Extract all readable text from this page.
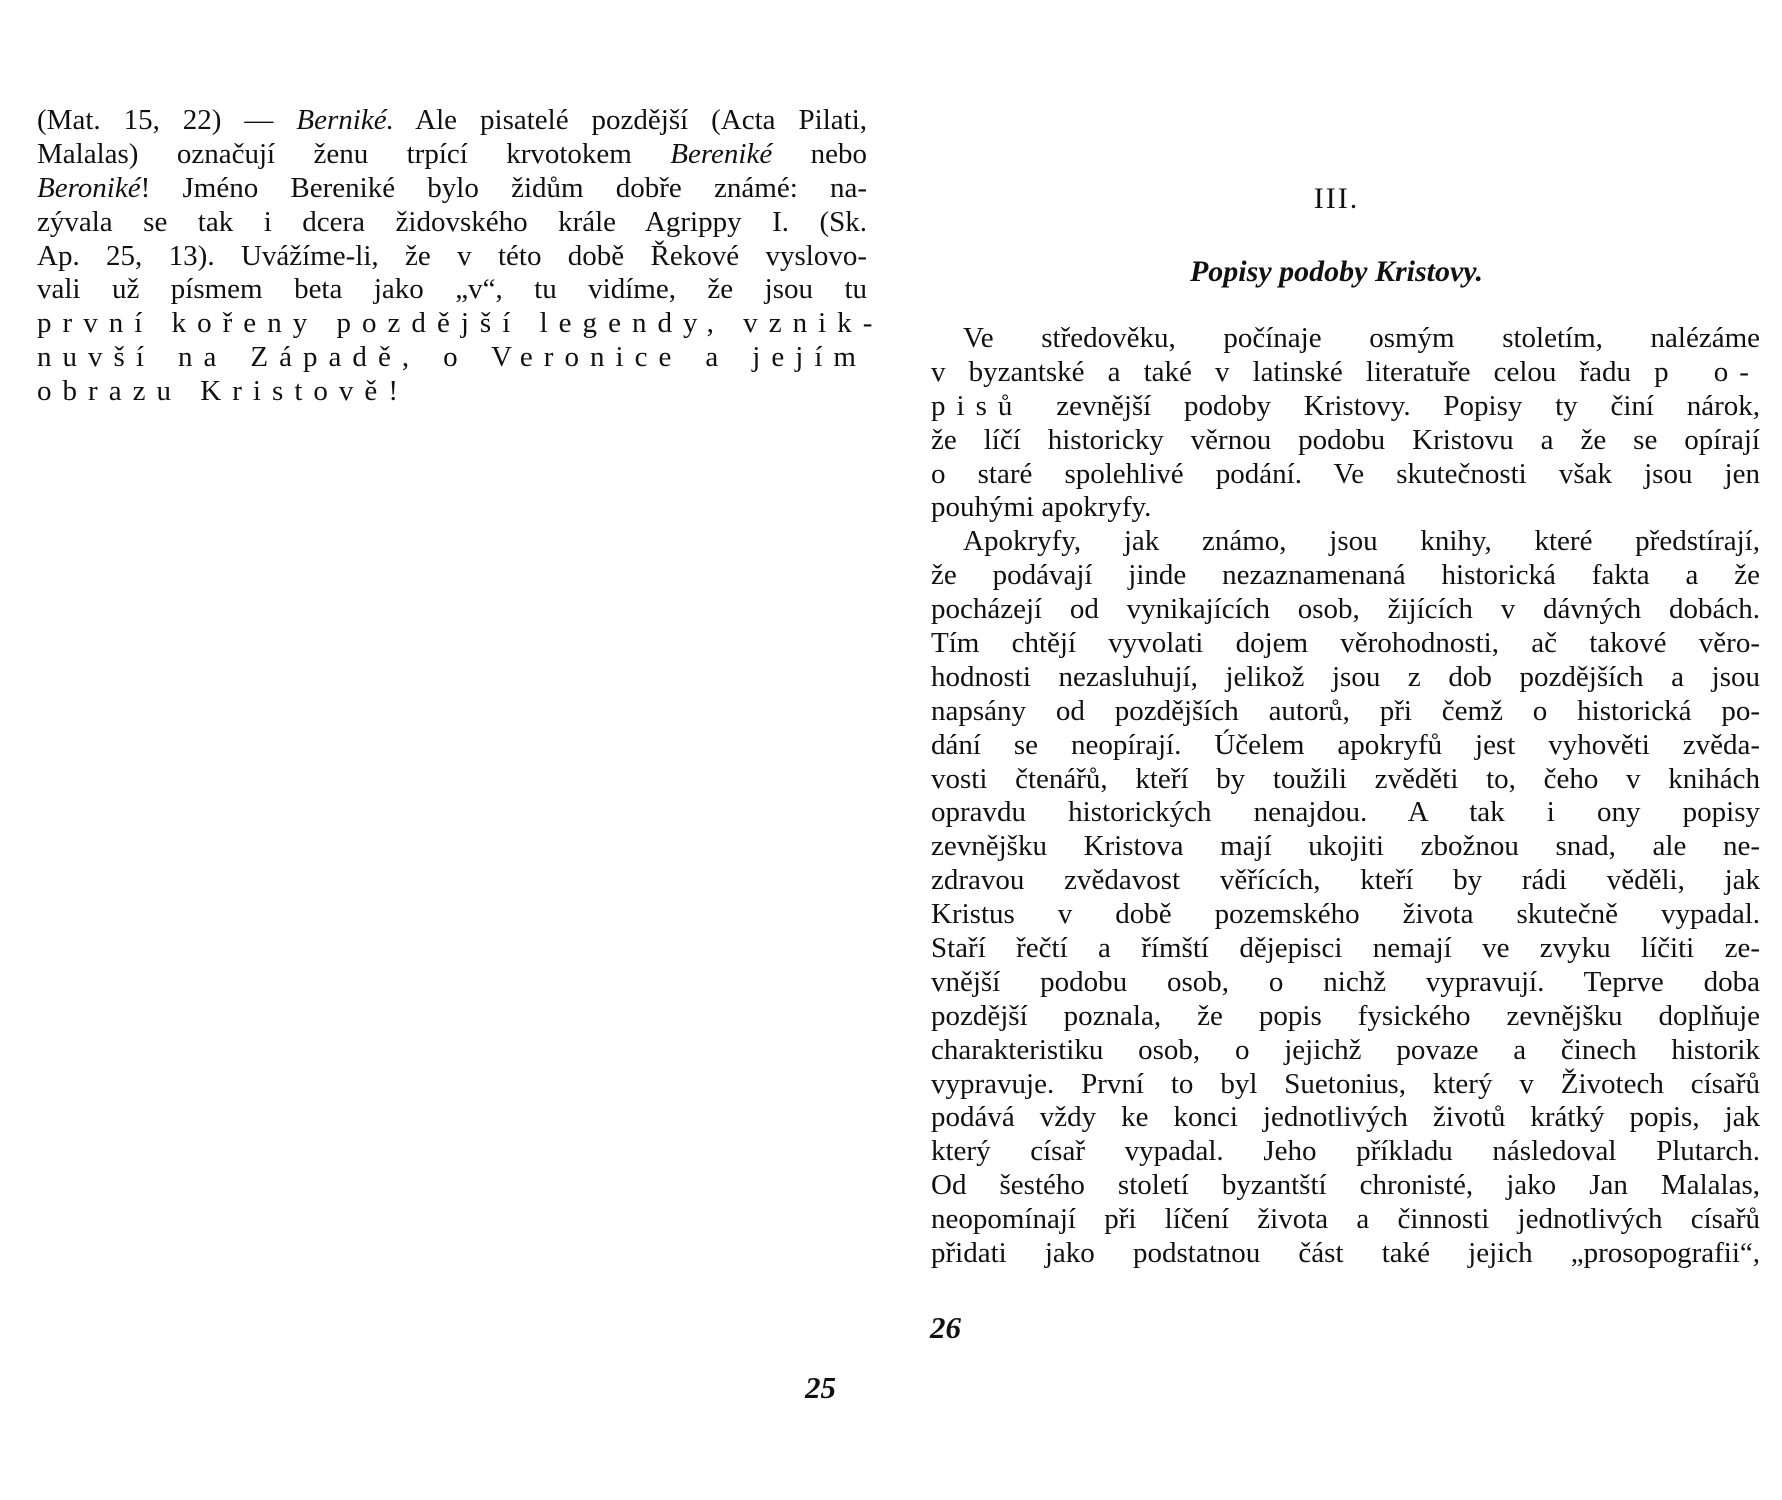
(Mat. 15, 22) — Berniké. Ale pisatelé pozdější (Acta Pilati,
Malalas) označují ženu trpící krvotokem Bereniké nebo
Beroniké! Jméno Bereniké bylo židům dobře známé: na-
zývala se tak i dcera židovského krále Agrippy I. (Sk.
Ap. 25, 13). Uvážíme-li, že v této době Řekové vyslovo-
vali už písmem beta jako „v“, tu vidíme, že jsou tu
první kořeny pozdější legendy, vznik-
nuvší na Západě, o Veronice a jejím
obrazu Kristově!
25
III.
Popisy podoby Kristovy.
Ve středověku, počínaje osmým stoletím, nalézáme
v byzantské a také v latinské literatuře celou řadu p o-
pisů zevnější podoby Kristovy. Popisy ty činí nárok,
že líčí historicky věrnou podobu Kristovu a že se opírají
o staré spolehlivé podání. Ve skutečnosti však jsou jen
pouhými apokryfy.
Apokryfy, jak známo, jsou knihy, které předstírají,
že podávají jinde nezaznamenaná historická fakta a že
pocházejí od vynikajících osob, žijících v dávných dobách.
Tím chtějí vyvolati dojem věrohodnosti, ač takové věro-
hodnosti nezasluhují, jelikož jsou z dob pozdějších a jsou
napsány od pozdějších autorů, při čemž o historická po-
dání se neopírají. Účelem apokryfů jest vyhověti zvěda-
vosti čtenářů, kteří by toužili zvěděti to, čeho v knihách
opravdu historických nenajdou. A tak i ony popisy
zevnějšku Kristova mají ukojiti zbožnou snad, ale ne-
zdravou zvědavost věřících, kteří by rádi věděli, jak
Kristus v době pozemského života skutečně vypadal.
Staří řečtí a římští dějepisci nemají ve zvyku líčiti ze-
vnější podobu osob, o nichž vypravují. Teprve doba
pozdější poznala, že popis fysického zevnějšku doplňuje
charakteristiku osob, o jejichž povaze a činech historik
vypravuje. První to byl Suetonius, který v Životech císařů
podává vždy ke konci jednotlivých životů krátký popis, jak
který císař vypadal. Jeho příkladu následoval Plutarch.
Od šestého století byzantští chronisté, jako Jan Malalas,
neopomínají při líčení života a činnosti jednotlivých císařů
přidati jako podstatnou část také jejich „prosopografii“,
26
